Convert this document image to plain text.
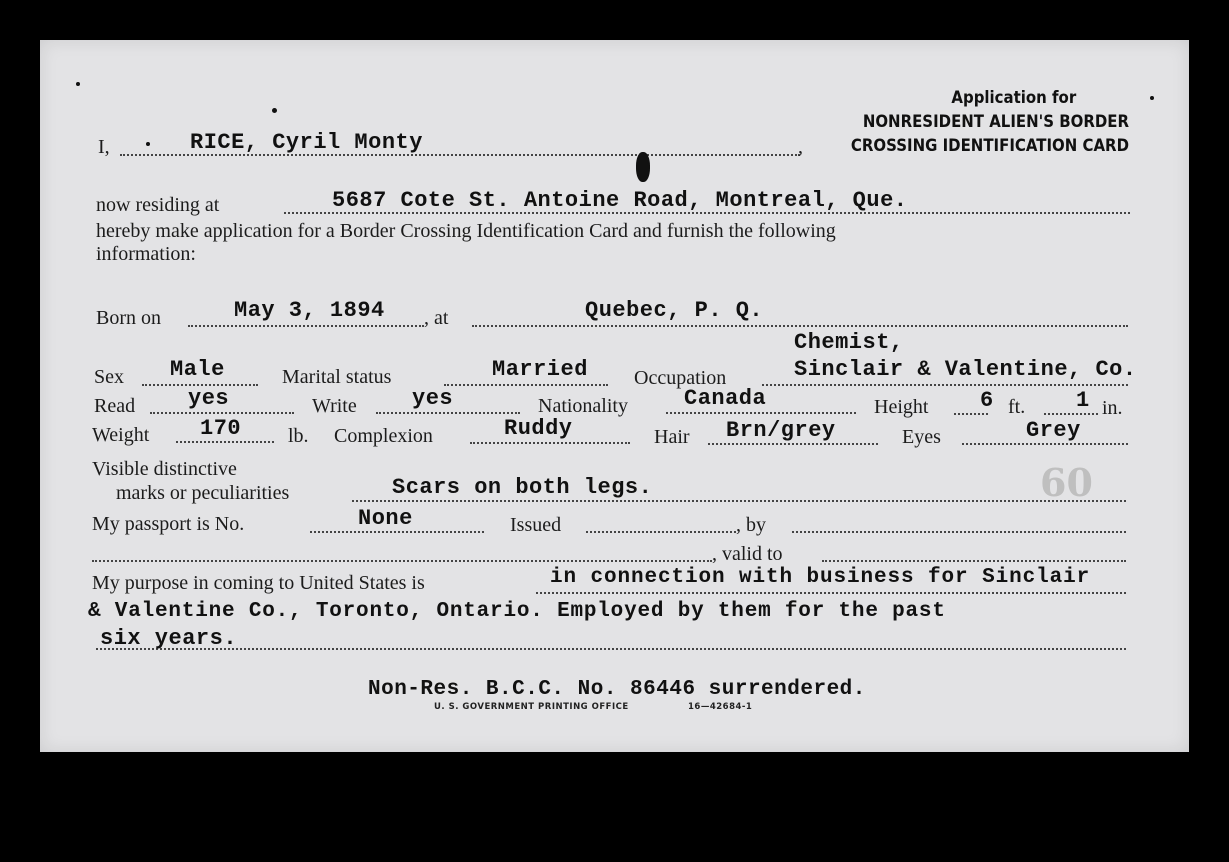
Application for
NONRESIDENT ALIEN'S BORDER
CROSSING IDENTIFICATION CARD
I,	RICE, Cyril Monty	,
now residing at	5687 Cote St. Antoine Road, Montreal, Que.
hereby make application for a Border Crossing Identification Card and furnish the following
information:
Born on	May 3, 1894 , at	Quebec, P. Q.
Chemist,
Sex Male	Marital status	Married Occupation	Sinclair & Valentine, Co.
Read yes	Write	yes	Nationality	Canada	Height 6 ft. 1 in.
Weight 170 lb. Complexion	Ruddy	Hair Brn/grey	Eyes	Grey
Visible distinctive
marks or peculiarities	Scars on both legs.	60
My passport is No.	None	Issued	, by
, valid to
My purpose in coming to United States is	in connection with business for Sinclair
& Valentine Co., Toronto, Ontario. Employed by them for the past
six years.
Non-Res. B.C.C. No. 86446 surrendered.
U. S. GOVERNMENT PRINTING OFFICE	16—42684-1
